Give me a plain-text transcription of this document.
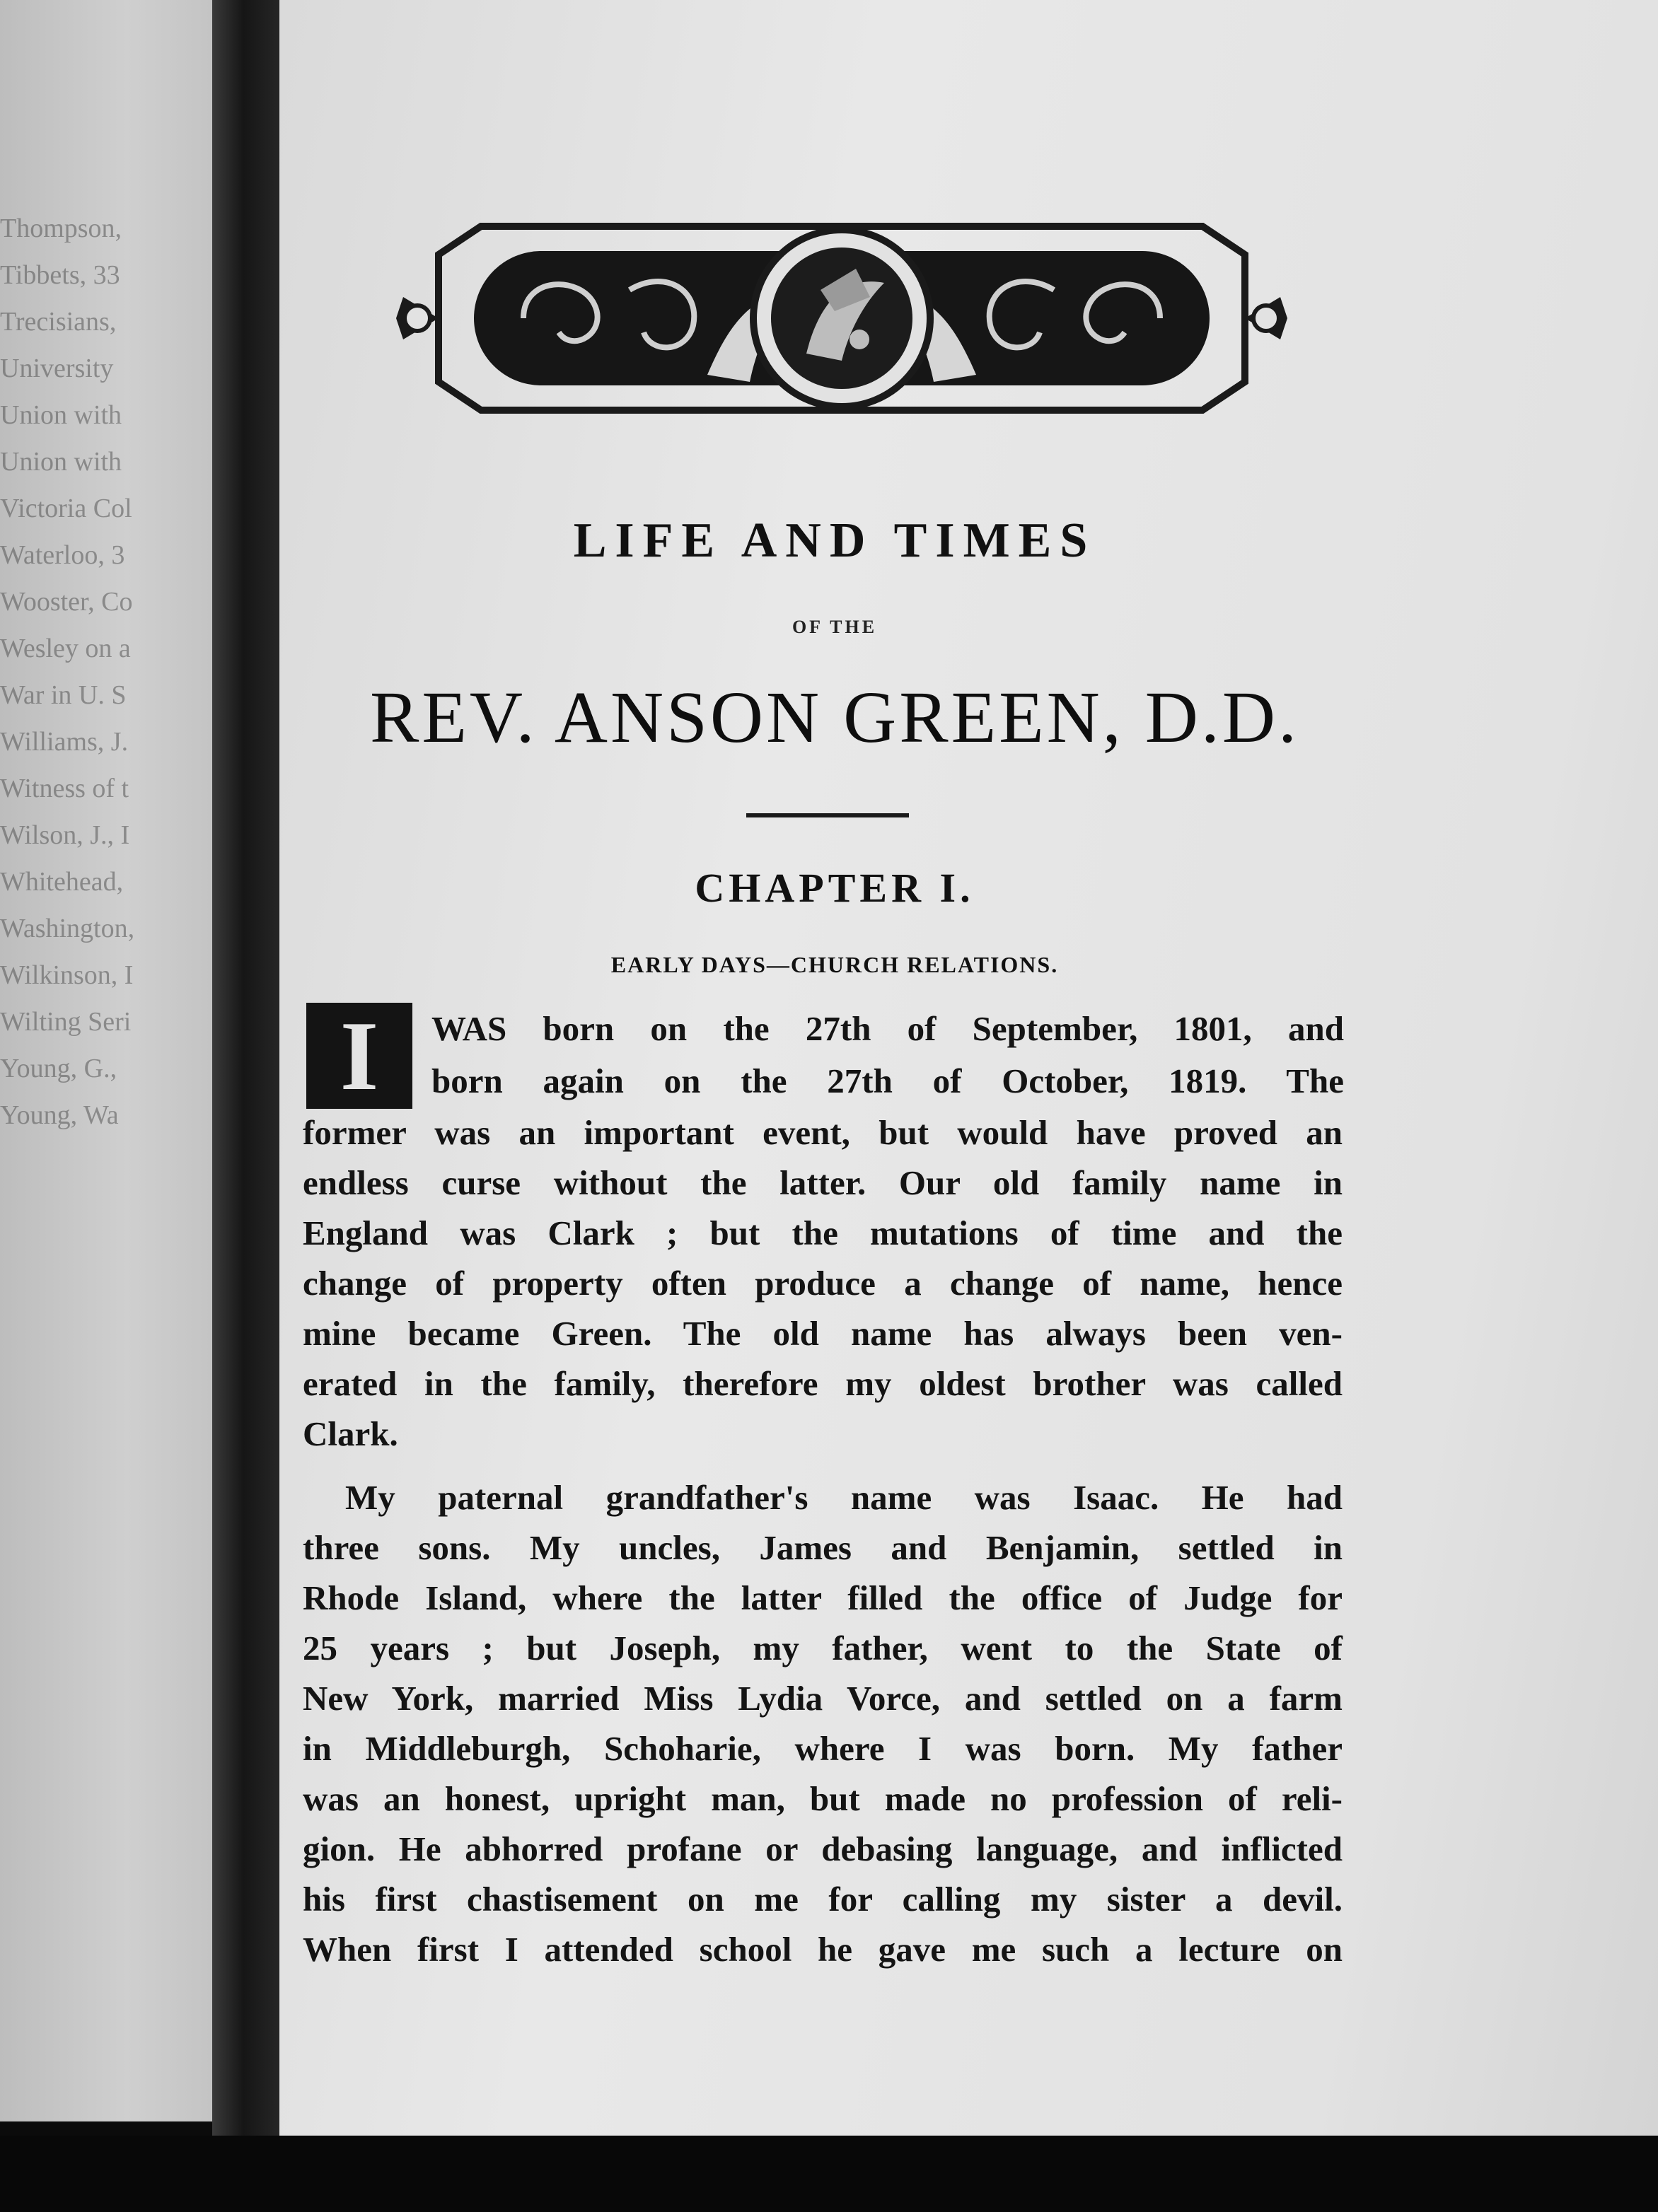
Thompson,
Tibbets, 33
Trecisians,
University
Union with
Union with
Victoria Col
Waterloo, 3
Wooster, Co
Wesley on a
War in U. S
Williams, J.
Witness of t
Wilson, J., I
Whitehead,
Washington,
Wilkinson, I
Wilting Seri
Young, G.,
Young, Wa
LIFE AND TIMES
OF THE
REV. ANSON GREEN, D.D.
CHAPTER I.
EARLY DAYS—CHURCH RELATIONS.
I	WAS born on the 27th of September, 1801, and
born again on the 27th of October, 1819. The
former was an important event, but would have proved an
endless curse without the latter. Our old family name in
England was Clark ; but the mutations of time and the
change of property often produce a change of name, hence
mine became Green. The old name has always been ven-
erated in the family, therefore my oldest brother was called
Clark.
My paternal grandfather's name was Isaac. He had
three sons. My uncles, James and Benjamin, settled in
Rhode Island, where the latter filled the office of Judge for
25 years ; but Joseph, my father, went to the State of
New York, married Miss Lydia Vorce, and settled on a farm
in Middleburgh, Schoharie, where I was born. My father
was an honest, upright man, but made no profession of reli-
gion. He abhorred profane or debasing language, and inflicted
his first chastisement on me for calling my sister a devil.
When first I attended school he gave me such a lecture on
